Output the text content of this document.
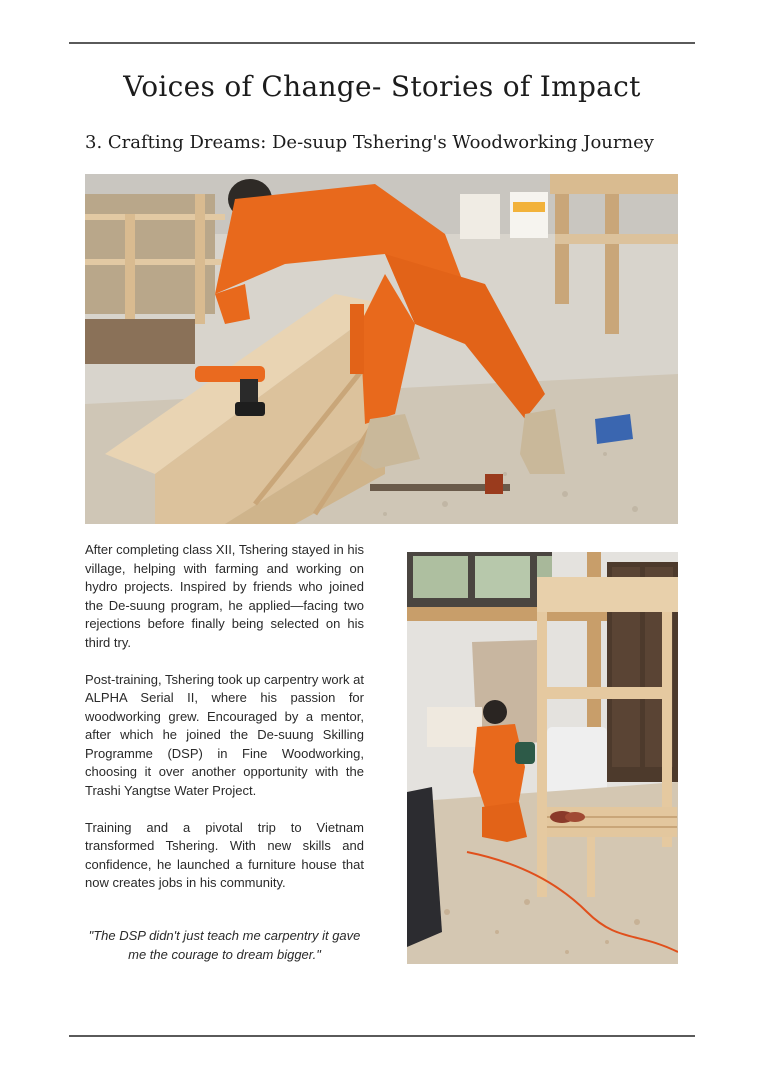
Voices of Change- Stories of Impact
3. Crafting Dreams: De-suup Tshering's Woodworking Journey

After completing class XII, Tshering stayed in his village, helping with farming and working on hydro projects. Inspired by friends who joined the De-suung program, he applied—facing two rejections before finally being selected on his third try.

Post-training, Tshering took up carpentry work at ALPHA Serial II, where his passion for woodworking grew. Encouraged by a mentor, after which he joined the De-suung Skilling Programme (DSP) in Fine Woodworking, choosing it over another opportunity with the Trashi Yangtse Water Project.

Training and a pivotal trip to Vietnam transformed Tshering. With new skills and confidence, he launched a furniture house that now creates jobs in his community.

"The DSP didn't just teach me carpentry it gave me the courage to dream bigger."
